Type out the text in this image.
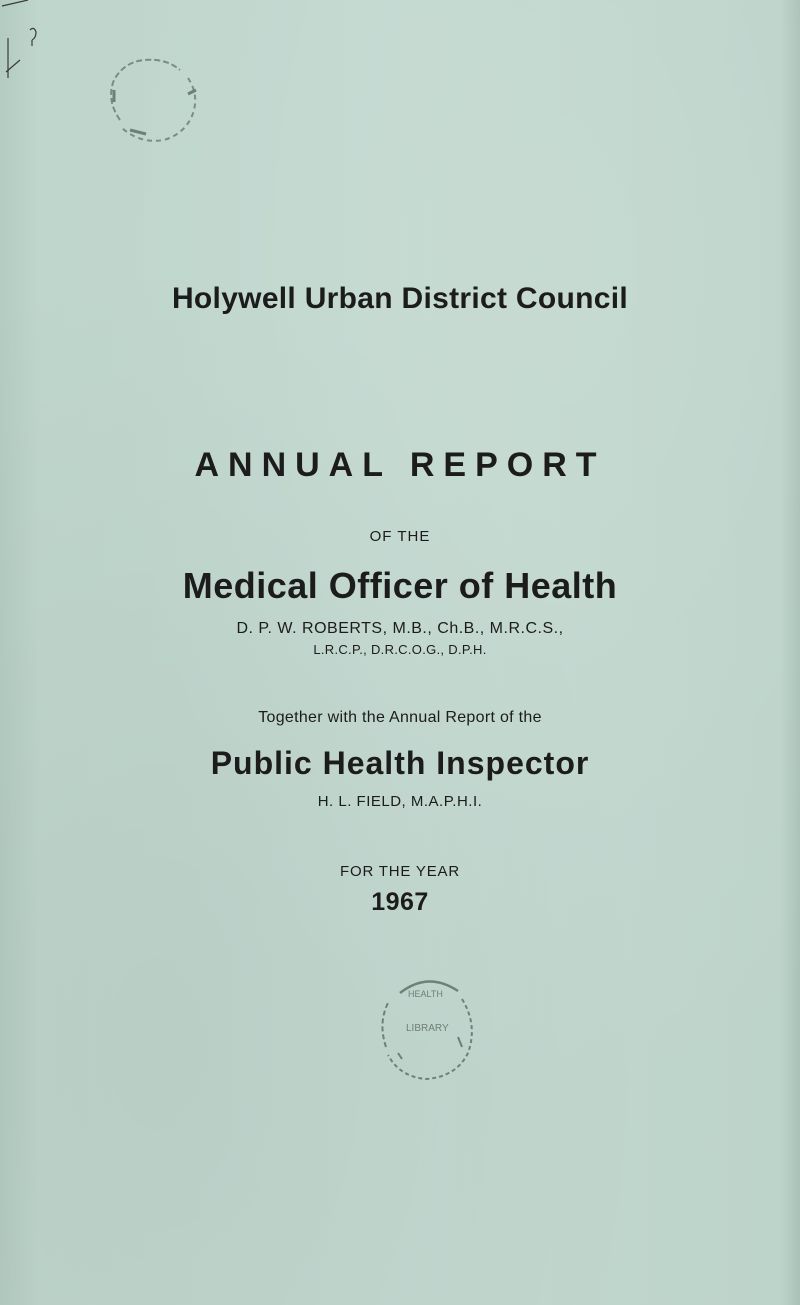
Holywell Urban District Council
ANNUAL REPORT
OF THE
Medical Officer of Health
D. P. W. ROBERTS, M.B., Ch.B., M.R.C.S.,
L.R.C.P., D.R.C.O.G., D.P.H.
Together with the Annual Report of the
Public Health Inspector
H. L. FIELD, M.A.P.H.I.
FOR THE YEAR
1967
HEALTH
LIBRARY
